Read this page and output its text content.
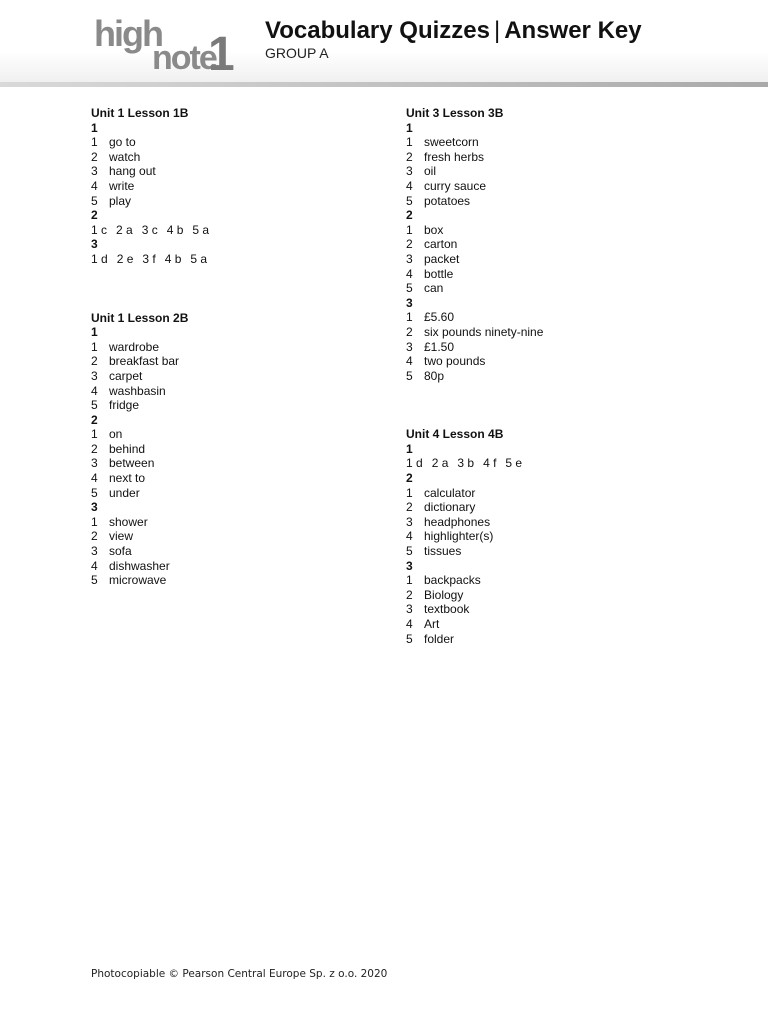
high
note
1 Vocabulary Quizzes | Answer Key
GROUP A
Unit 1 Lesson 1B
1
1 go to
2 watch
3 hang out
4 write
5 play
2
1 c 2 a 3 c 4 b 5 a
3
1 d 2 e 3 f 4 b 5 a
Unit 1 Lesson 2B
1
1 wardrobe
2 breakfast bar
3 carpet
4 washbasin
5 fridge
2
1 on
2 behind
3 between
4 next to
5 under
3
1 shower
2 view
3 sofa
4 dishwasher
5 microwave
Unit 3 Lesson 3B
1
1 sweetcorn
2 fresh herbs
3 oil
4 curry sauce
5 potatoes
2
1 box
2 carton
3 packet
4 bottle
5 can
3
1 £5.60
2 six pounds ninety-nine
3 £1.50
4 two pounds
5 80p
Unit 4 Lesson 4B
1
1 d 2 a 3 b 4 f 5 e
2
1 calculator
2 dictionary
3 headphones
4 highlighter(s)
5 tissues
3
1 backpacks
2 Biology
3 textbook
4 Art
5 folder
Photocopiable © Pearson Central Europe Sp. z o.o. 2020
